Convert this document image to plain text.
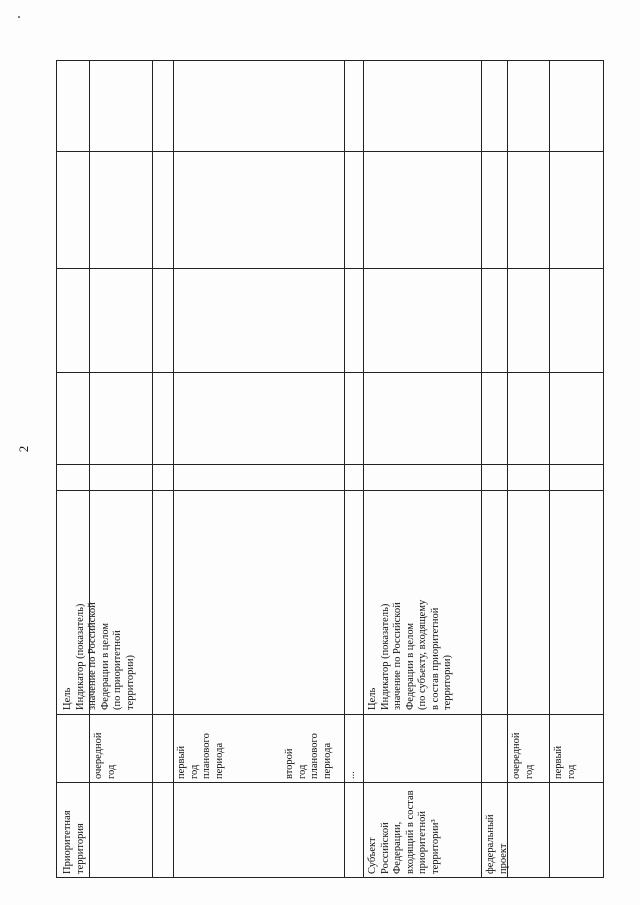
2
Приоритетная
территория
Цель
Индикатор (показатель)
значение по Российской
Федерации в целом
(по приоритетной
территории)
очередной
год	первый
год
планового
периода	второй
год
планового
периода ...
Субъект Российской
Федерации,
входящий в состав
приоритетной
территории³
Цель
Индикатор (показатель)
значение по Российской
Федерации в целом
(по субъекту, входящему
в состав приоритетной
территории)
федеральный проект
очередной
год первый
год
